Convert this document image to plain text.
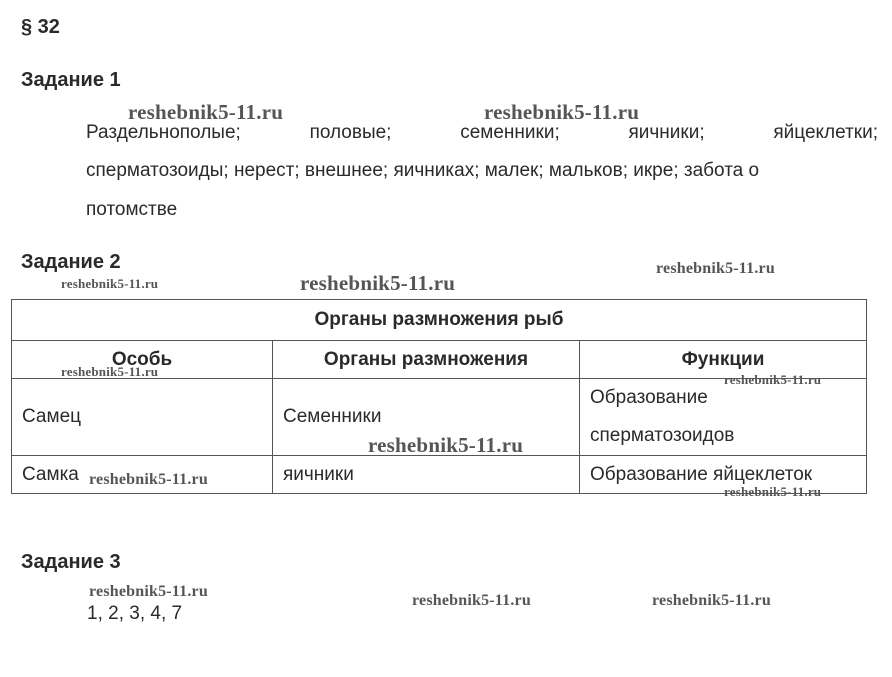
§ 32
Задание 1
Раздельнополые;	половые;	семенники;	яичники;	яйцеклетки;
сперматозоиды; нерест; внешнее; яичниках; малек; мальков; икре; забота о
потомстве
Задание 2
Органы размножения рыб		
Особь	Органы размножения	Функции
Самец	Семенники	Образование сперматозоидов
Самка	яичники	Образование яйцеклеток
Задание 3
1, 2, 3, 4, 7
reshebnik5-11.ru	reshebnik5-11.ru
reshebnik5-11.ru	reshebnik5-11.ru
reshebnik5-11.ru
reshebnik5-11.ru
reshebnik5-11.ru
reshebnik5-11.ru
reshebnik5-11.ru
reshebnik5-11.ru
reshebnik5-11.ru
reshebnik5-11.ru	reshebnik5-11.ru
